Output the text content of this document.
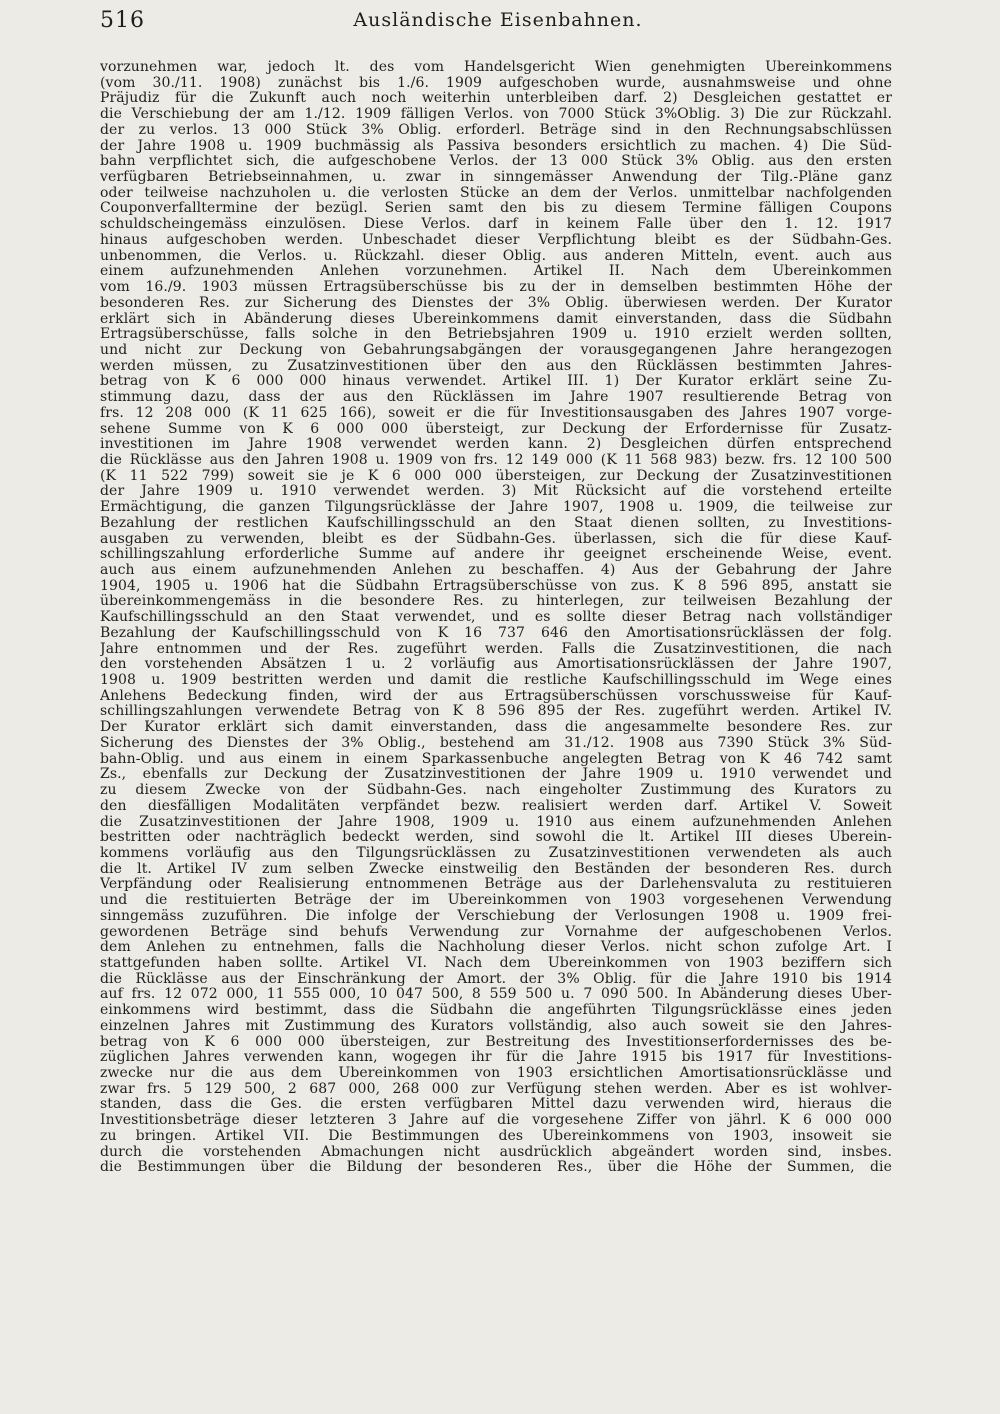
516	Ausländische Eisenbahnen.
vorzunehmen war, jedoch lt. des vom Handelsgericht Wien genehmigten Übereinkommens
(vom 30./11. 1908) zunächst bis 1./6. 1909 aufgeschoben wurde, ausnahmsweise und ohne
Präjudiz für die Zukunft auch noch weiterhin unterbleiben darf. 2) Desgleichen gestattet er
die Verschiebung der am 1./12. 1909 fälligen Verlos. von 7000 Stück 3%Oblig. 3) Die zur Rückzahl.
der zu verlos. 13 000 Stück 3% Oblig. erforderl. Beträge sind in den Rechnungsabschlüssen
der Jahre 1908 u. 1909 buchmässig als Passiva besonders ersichtlich zu machen. 4) Die Süd-
bahn verpflichtet sich, die aufgeschobene Verlos. der 13 000 Stück 3% Oblig. aus den ersten
verfügbaren Betriebseinnahmen, u. zwar in sinngemässer Anwendung der Tilg.-Pläne ganz
oder teilweise nachzuholen u. die verlosten Stücke an dem der Verlos. unmittelbar nachfolgenden
Couponverfalltermine der bezügl. Serien samt den bis zu diesem Termine fälligen Coupons
schuldscheingemäss einzulösen. Diese Verlos. darf in keinem Falle über den 1. 12. 1917
hinaus aufgeschoben werden. Unbeschadet dieser Verpflichtung bleibt es der Südbahn-Ges.
unbenommen, die Verlos. u. Rückzahl. dieser Oblig. aus anderen Mitteln, event. auch aus
einem aufzunehmenden Anlehen vorzunehmen. Artikel II. Nach dem Übereinkommen
vom 16./9. 1903 müssen Ertragsüberschüsse bis zu der in demselben bestimmten Höhe der
besonderen Res. zur Sicherung des Dienstes der 3% Oblig. überwiesen werden. Der Kurator
erklärt sich in Abänderung dieses Übereinkommens damit einverstanden, dass die Südbahn
Ertragsüberschüsse, falls solche in den Betriebsjahren 1909 u. 1910 erzielt werden sollten,
und nicht zur Deckung von Gebahrungsabgängen der vorausgegangenen Jahre herangezogen
werden müssen, zu Zusatzinvestitionen über den aus den Rücklässen bestimmten Jahres-
betrag von K 6 000 000 hinaus verwendet. Artikel III. 1) Der Kurator erklärt seine Zu-
stimmung dazu, dass der aus den Rücklässen im Jahre 1907 resultierende Betrag von
frs. 12 208 000 (K 11 625 166), soweit er die für Investitionsausgaben des Jahres 1907 vorge-
sehene Summe von K 6 000 000 übersteigt, zur Deckung der Erfordernisse für Zusatz-
investitionen im Jahre 1908 verwendet werden kann. 2) Desgleichen dürfen entsprechend
die Rücklässe aus den Jahren 1908 u. 1909 von frs. 12 149 000 (K 11 568 983) bezw. frs. 12 100 500
(K 11 522 799) soweit sie je K 6 000 000 übersteigen, zur Deckung der Zusatzinvestitionen
der Jahre 1909 u. 1910 verwendet werden. 3) Mit Rücksicht auf die vorstehend erteilte
Ermächtigung, die ganzen Tilgungsrücklässe der Jahre 1907, 1908 u. 1909, die teilweise zur
Bezahlung der restlichen Kaufschillingsschuld an den Staat dienen sollten, zu Investitions-
ausgaben zu verwenden, bleibt es der Südbahn-Ges. überlassen, sich die für diese Kauf-
schillingszahlung erforderliche Summe auf andere ihr geeignet erscheinende Weise, event.
auch aus einem aufzunehmenden Anlehen zu beschaffen. 4) Aus der Gebahrung der Jahre
1904, 1905 u. 1906 hat die Südbahn Ertragsüberschüsse von zus. K 8 596 895, anstatt sie
übereinkommengemäss in die besondere Res. zu hinterlegen, zur teilweisen Bezahlung der
Kaufschillingsschuld an den Staat verwendet, und es sollte dieser Betrag nach vollständiger
Bezahlung der Kaufschillingsschuld von K 16 737 646 den Amortisationsrücklässen der folg.
Jahre entnommen und der Res. zugeführt werden. Falls die Zusatzinvestitionen, die nach
den vorstehenden Absätzen 1 u. 2 vorläufig aus Amortisationsrücklässen der Jahre 1907,
1908 u. 1909 bestritten werden und damit die restliche Kaufschillingsschuld im Wege eines
Anlehens Bedeckung finden, wird der aus Ertragsüberschüssen vorschussweise für Kauf-
schillingszahlungen verwendete Betrag von K 8 596 895 der Res. zugeführt werden. Artikel IV.
Der Kurator erklärt sich damit einverstanden, dass die angesammelte besondere Res. zur
Sicherung des Dienstes der 3% Oblig., bestehend am 31./12. 1908 aus 7390 Stück 3% Süd-
bahn-Oblig. und aus einem in einem Sparkassenbuche angelegten Betrag von K 46 742 samt
Zs., ebenfalls zur Deckung der Zusatzinvestitionen der Jahre 1909 u. 1910 verwendet und
zu diesem Zwecke von der Südbahn-Ges. nach eingeholter Zustimmung des Kurators zu
den diesfälligen Modalitäten verpfändet bezw. realisiert werden darf. Artikel V. Soweit
die Zusatzinvestitionen der Jahre 1908, 1909 u. 1910 aus einem aufzunehmenden Anlehen
bestritten oder nachträglich bedeckt werden, sind sowohl die lt. Artikel III dieses Überein-
kommens vorläufig aus den Tilgungsrücklässen zu Zusatzinvestitionen verwendeten als auch
die lt. Artikel IV zum selben Zwecke einstweilig den Beständen der besonderen Res. durch
Verpfändung oder Realisierung entnommenen Beträge aus der Darlehensvaluta zu restituieren
und die restituierten Beträge der im Übereinkommen von 1903 vorgesehenen Verwendung
sinngemäss zuzuführen. Die infolge der Verschiebung der Verlosungen 1908 u. 1909 frei-
gewordenen Beträge sind behufs Verwendung zur Vornahme der aufgeschobenen Verlos.
dem Anlehen zu entnehmen, falls die Nachholung dieser Verlos. nicht schon zufolge Art. I
stattgefunden haben sollte. Artikel VI. Nach dem Übereinkommen von 1903 beziffern sich
die Rücklässe aus der Einschränkung der Amort. der 3% Oblig. für die Jahre 1910 bis 1914
auf frs. 12 072 000, 11 555 000, 10 047 500, 8 559 500 u. 7 090 500. In Abänderung dieses Über-
einkommens wird bestimmt, dass die Südbahn die angeführten Tilgungsrücklässe eines jeden
einzelnen Jahres mit Zustimmung des Kurators vollständig, also auch soweit sie den Jahres-
betrag von K 6 000 000 übersteigen, zur Bestreitung des Investitionserfordernisses des be-
züglichen Jahres verwenden kann, wogegen ihr für die Jahre 1915 bis 1917 für Investitions-
zwecke nur die aus dem Übereinkommen von 1903 ersichtlichen Amortisationsrücklässe und
zwar frs. 5 129 500, 2 687 000, 268 000 zur Verfügung stehen werden. Aber es ist wohlver-
standen, dass die Ges. die ersten verfügbaren Mittel dazu verwenden wird, hieraus die
Investitionsbeträge dieser letzteren 3 Jahre auf die vorgesehene Ziffer von jährl. K 6 000 000
zu bringen. Artikel VII. Die Bestimmungen des Übereinkommens von 1903, insoweit sie
durch die vorstehenden Abmachungen nicht ausdrücklich abgeändert worden sind, insbes.
die Bestimmungen über die Bildung der besonderen Res., über die Höhe der Summen, die
